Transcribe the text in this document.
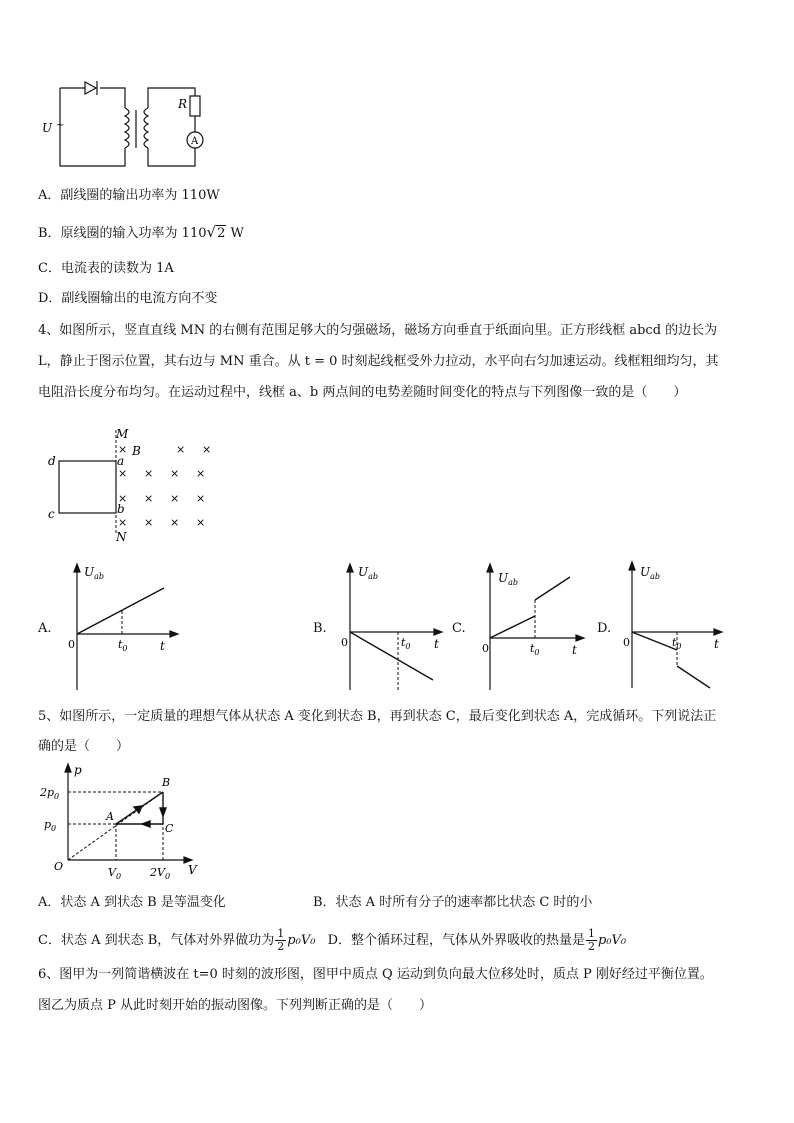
U ~
R
A
A．副线圈的输出功率为 110W
B．原线圈的输入功率为 110√2 W
C．电流表的读数为 1A
D．副线圈输出的电流方向不变
4、如图所示，竖直直线 MN 的右侧有范围足够大的匀强磁场，磁场方向垂直于纸面向里。正方形线框 abcd 的边长为
L，静止于图示位置，其右边与 MN 重合。从 t = 0 时刻起线框受外力拉动，水平向右匀加速运动。线框粗细均匀，其
电阻沿长度分布均匀。在运动过程中，线框 a、b 两点间的电势差随时间变化的特点与下列图像一致的是（　　）
M
N
a
b
d
c
B
×	× ×
× × × ×
× × × ×
× × × ×
A.
$U_{ab}$
0	$t_0$	t
B.
$U_{ab}$
0	$t_0$ t
C.
$U_{ab}$
0	$t_0$	t
D.
$U_{ab}$
0	$t_0$	t
5、如图所示，一定质量的理想气体从状态 A 变化到状态 B，再到状态 C，最后变化到状态 A，完成循环。下列说法正
确的是（　　）
p
V
O
$2p_0$
$p_0$
$V_0$	$2V_0$
A
B
C
A．状态 A 到状态 B 是等温变化	B．状态 A 时所有分子的速率都比状态 C 时的小
C．状态 A 到状态 B，气体对外界做功为 $\frac{1}{2} p_0V_0$ D．整个循环过程，气体从外界吸收的热量是 $\frac{1}{2} p_0V_0$
6、图甲为一列简谐横波在 t=0 时刻的波形图，图甲中质点 Q 运动到负向最大位移处时，质点 P 刚好经过平衡位置。
图乙为质点 P 从此时刻开始的振动图像。下列判断正确的是（　　）
